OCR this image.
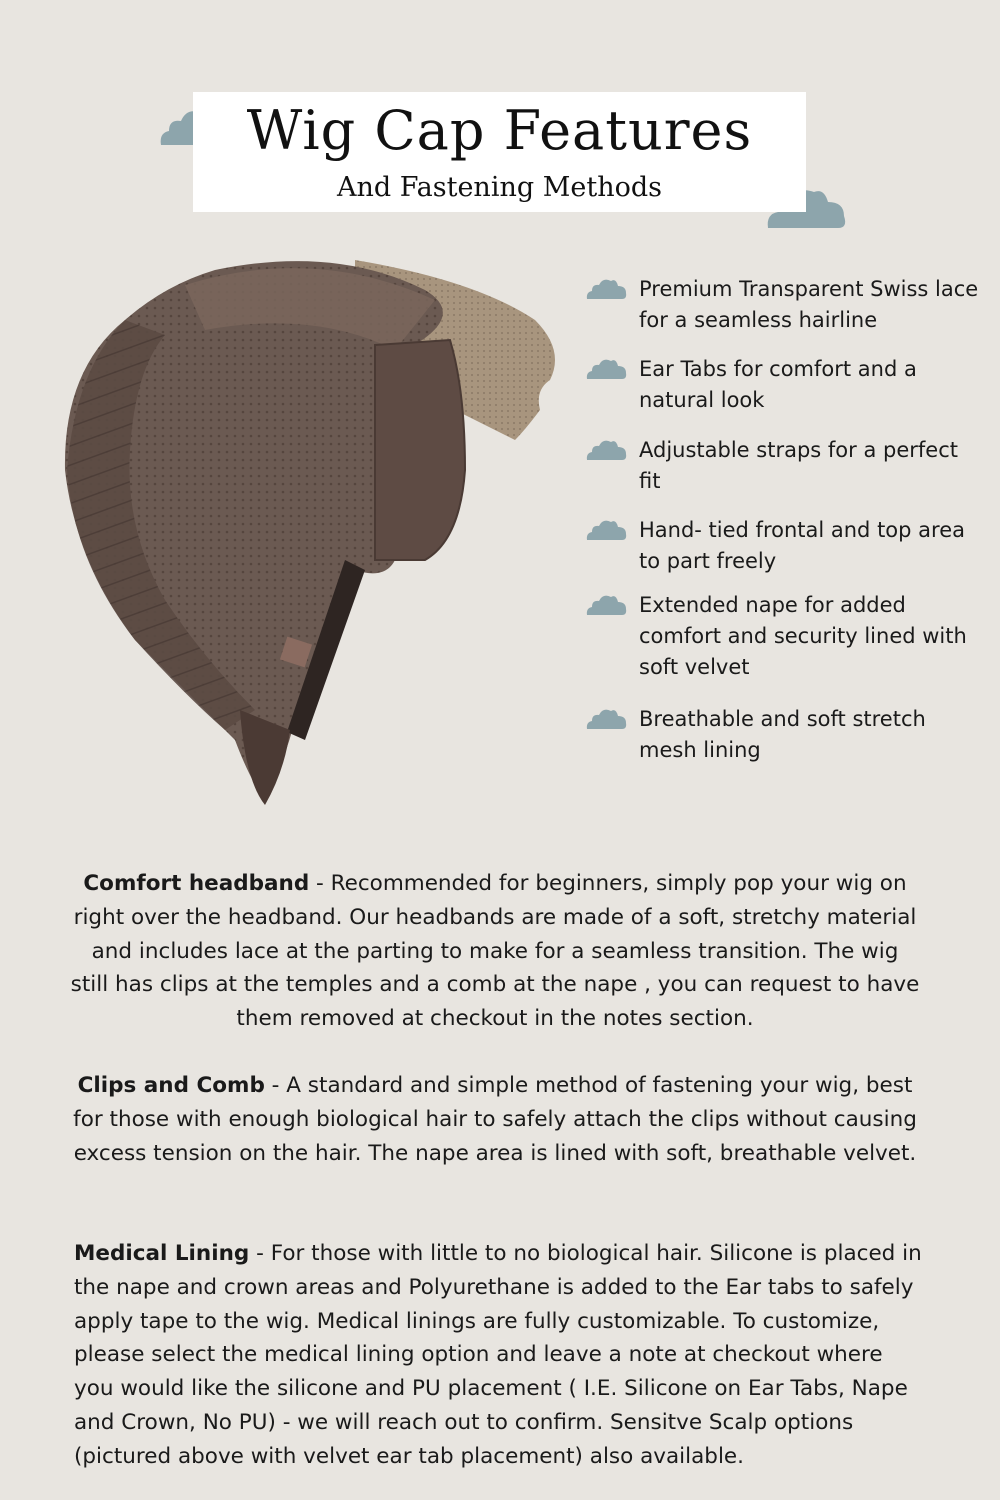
Wig Cap Features
And Fastening Methods
Premium Transparent Swiss lace for a seamless hairline
Ear Tabs for comfort and a natural look
Adjustable straps for a perfect fit
Hand- tied frontal and top area to part freely
Extended nape for added comfort and security lined with soft velvet
Breathable and soft stretch mesh lining
Comfort headband - Recommended for beginners, simply pop your wig on right over the headband. Our headbands are made of a soft, stretchy material and includes lace at the parting to make for a seamless transition. The wig still has clips at the temples and a comb at the nape , you can request to have them removed at checkout in the notes section.
Clips and Comb - A standard and simple method of fastening your wig, best for those with enough biological hair to safely attach the clips without causing excess tension on the hair. The nape area is lined with soft, breathable velvet.
Medical Lining - For those with little to no biological hair. Silicone is placed in the nape and crown areas and Polyurethane is added to the Ear tabs to safely apply tape to the wig. Medical linings are fully customizable. To customize, please select the medical lining option and leave a note at checkout where you would like the silicone and PU placement ( I.E. Silicone on Ear Tabs, Nape and Crown, No PU) - we will reach out to confirm. Sensitve Scalp options (pictured above with velvet ear tab placement) also available.
